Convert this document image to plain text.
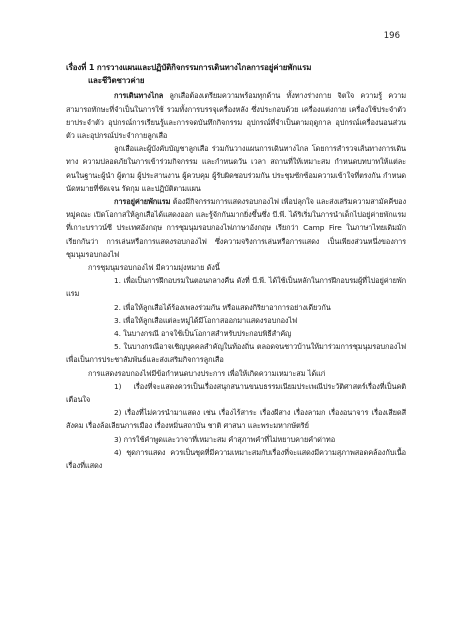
196

เรื่องที่ 1 การวางแผนและปฏิบัติกิจกรรมการเดินทางไกลการอยู่ค่ายพักแรม

และชีวิตชาวค่าย

การเดินทางไกล ลูกเสือต้องเตรียมความพร้อมทุกด้าน ทั้งทางร่างกาย จิตใจ ความรู้ ความสามารถทักษะที่จำเป็นในการใช้ รวมทั้งการบรรจุเครื่องหลัง ซึ่งประกอบด้วย เครื่องแต่งกาย เครื่องใช้ประจำตัว ยาประจำตัว อุปกรณ์การเรียนรู้และการจดบันทึกกิจกรรม อุปกรณ์ที่จำเป็นตามฤดูกาล อุปกรณ์เครื่องนอนส่วนตัว และอุปกรณ์ประจำกายลูกเสือ

ลูกเสือและผู้บังคับบัญชาลูกเสือ ร่วมกันวางแผนการเดินทางไกล โดยการสำรวจเส้นทางการเดินทาง ความปลอดภัยในการเข้าร่วมกิจกรรม และกำหนดวัน เวลา สถานที่ให้เหมาะสม กำหนดบทบาทให้แต่ละคนในฐานะผู้นำ ผู้ตาม ผู้ประสานงาน ผู้ควบคุม ผู้รับผิดชอบร่วมกัน ประชุมซักซ้อมความเข้าใจที่ตรงกัน กำหนดนัดหมายที่ชัดเจน รัดกุม และปฏิบัติตามแผน

การอยู่ค่ายพักแรม ต้องมีกิจกรรมการแสดงรอบกองไฟ เพื่อปลุกใจ และส่งเสริมความสามัคคีของหมู่คณะ เปิดโอกาสให้ลูกเสือได้แสดงออก และรู้จักกันมากยิ่งขึ้นซึ่ง บี.พี. ได้ริเริ่มในการนำเด็กไปอยู่ค่ายพักแรมที่เกาะบราวน์ซี ประเทศอังกฤษ การชุมนุมรอบกองไฟภาษาอังกฤษ เรียกว่า Camp Fire ในภาษาไทยเดิมมักเรียกกันว่า การเล่นหรือการแสดงรอบกองไฟ ซึ่งความจริงการเล่นหรือการแสดง เป็นเพียงส่วนหนึ่งของการชุมนุมรอบกองไฟ

การชุมนุมรอบกองไฟ มีความมุ่งหมาย ดังนี้

1. เพื่อเป็นการฝึกอบรมในตอนกลางคืน ดังที่ บี.พี. ได้ใช้เป็นหลักในการฝึกอบรมผู้ที่ไปอยู่ค่ายพักแรม

2. เพื่อให้ลูกเสือได้ร้องเพลงร่วมกัน หรือแสดงกิริยาอาการอย่างเดียวกัน

3. เพื่อให้ลูกเสือแต่ละหมู่ได้มีโอกาสออกมาแสดงรอบกองไฟ

4. ในบางกรณี อาจใช้เป็นโอกาสสำหรับประกอบพิธีสำคัญ

5. ในบางกรณีอาจเชิญบุคคลสำคัญในท้องถิ่น ตลอดจนชาวบ้านให้มาร่วมการชุมนุมรอบกองไฟ เพื่อเป็นการประชาสัมพันธ์และส่งเสริมกิจการลูกเสือ

การแสดงรอบกองไฟมีข้อกำหนดบางประการ เพื่อให้เกิดความเหมาะสม ได้แก่

1) เรื่องที่จะแสดงควรเป็นเรื่องสนุกสนานขนบธรรมเนียมประเพณีประวัติศาสตร์เรื่องที่เป็นคติเตือนใจ

2) เรื่องที่ไม่ควรนำมาแสดง เช่น เรื่องไร้สาระ เรื่องผีสาง เรื่องลามก เรื่องอนาจาร เรื่องเสียดสีสังคม เรื่องล้อเลียนการเมือง เรื่องหมิ่นสถาบัน ชาติ ศาสนา และพระมหากษัตริย์

3) การใช้คำพูดและวาจาที่เหมาะสม คำสุภาพคำที่ไม่หยาบคายคำด่าทอ

4) ชุดการแสดง ควรเป็นชุดที่มีความเหมาะสมกับเรื่องที่จะแสดงมีความสุภาพสอดคล้องกับเนื้อเรื่องที่แสดง
